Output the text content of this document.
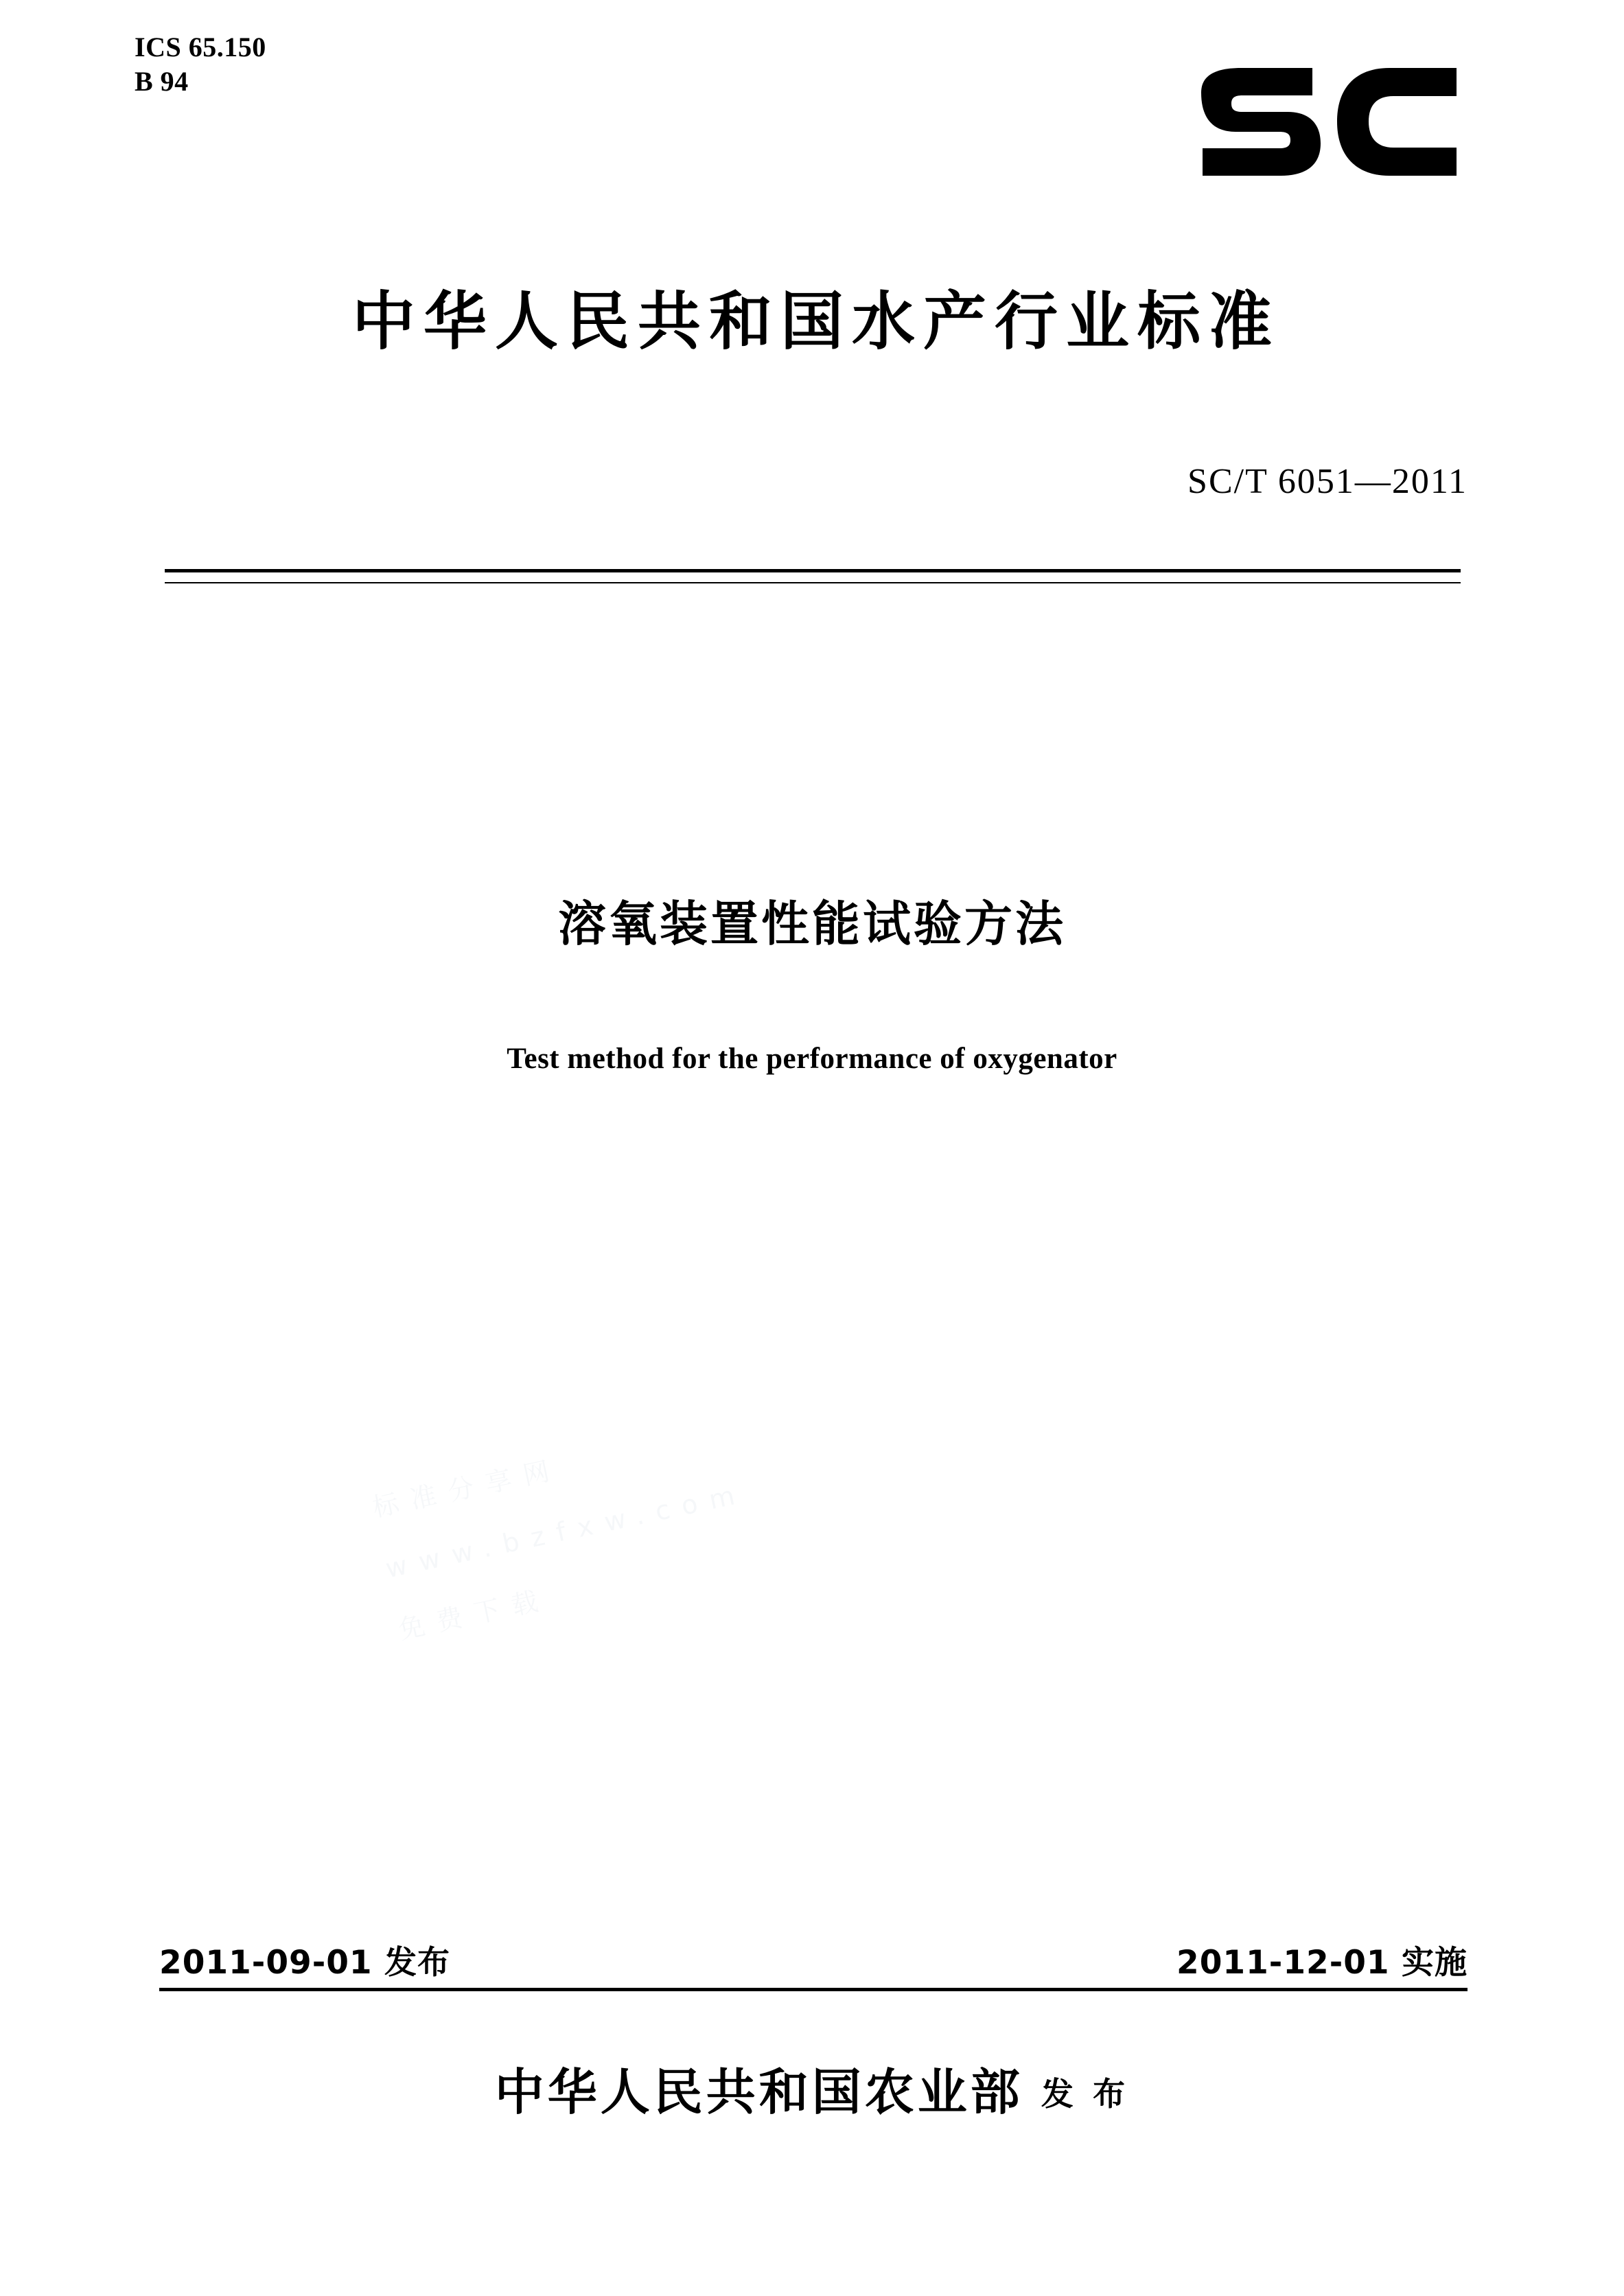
ICS 65.150
B 94
中华人民共和国水产行业标准
SC/T 6051—2011
溶氧装置性能试验方法
Test method for the performance of oxygenator
2011-09-01 发布	2011-12-01 实施
中华人民共和国农业部 发 布
